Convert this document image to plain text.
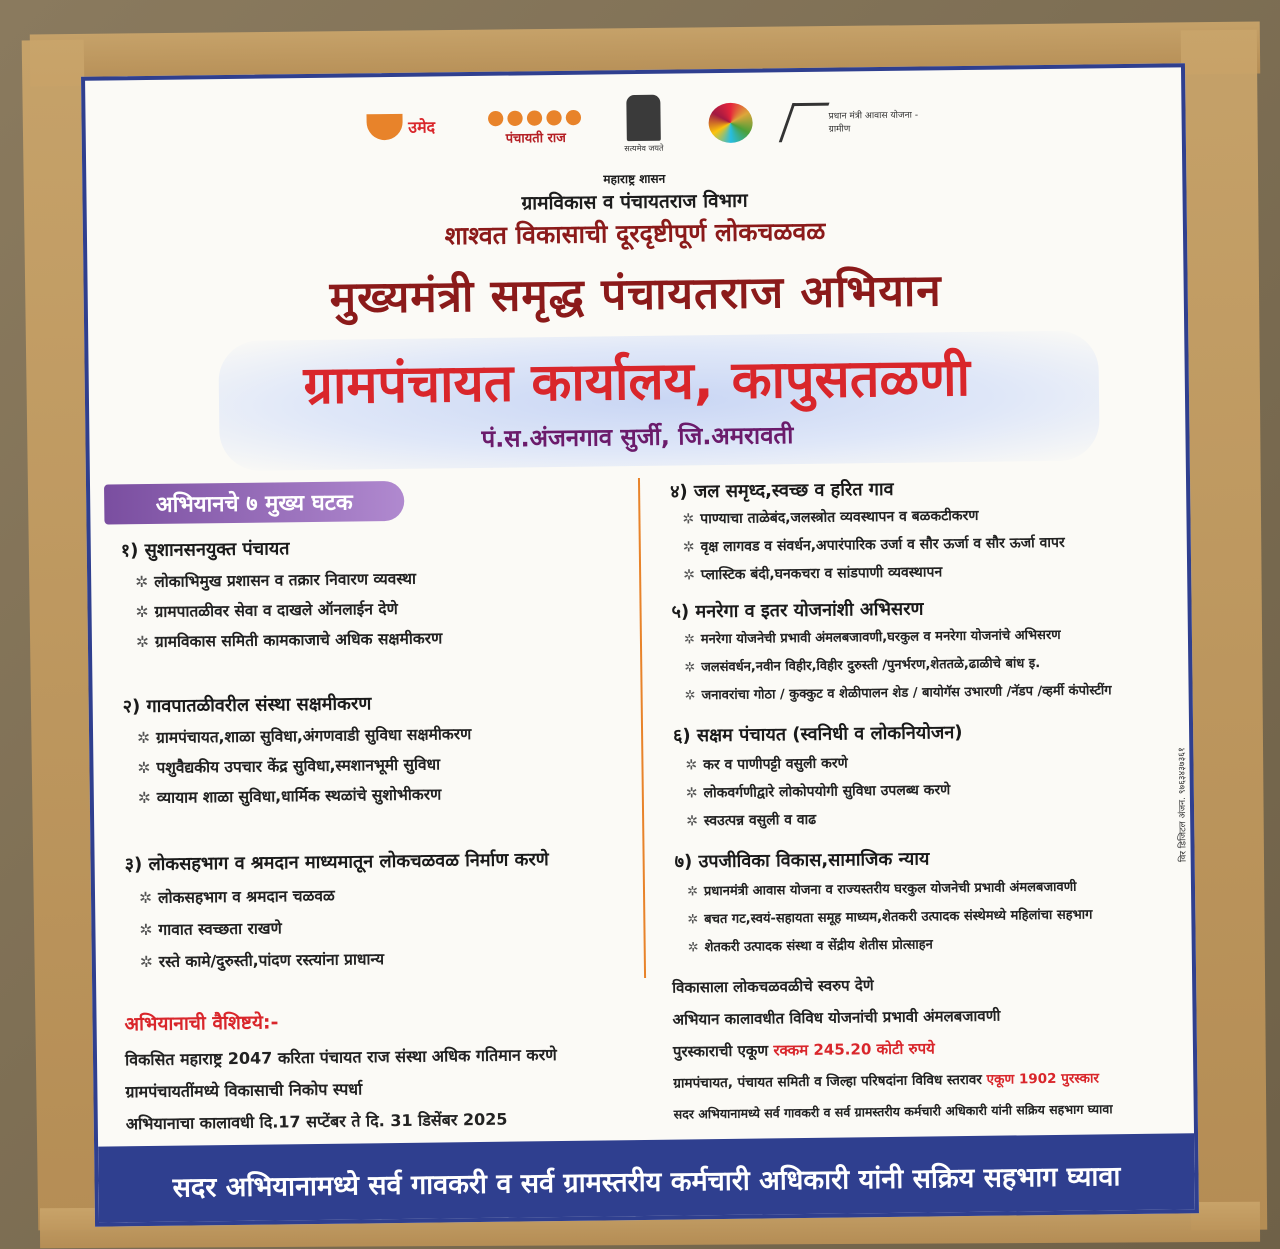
उमेद	●●●●●
पंचायती राज
सत्यमेव जयते
प्रधान मंत्री आवास योजना - ग्रामीण
महाराष्ट्र शासन
ग्रामविकास व पंचायतराज विभाग
शाश्वत विकासाची दूरदृष्टीपूर्ण लोकचळवळ
मुख्यमंत्री समृद्ध पंचायतराज अभियान
ग्रामपंचायत कार्यालय, कापुसतळणी
पं.स.अंजनगाव सुर्जी, जि.अमरावती
अभियानचे ७ मुख्य घटक
१) सुशानसनयुक्त पंचायत
✲ लोकाभिमुख प्रशासन व तक्रार निवारण व्यवस्था
✲ ग्रामपातळीवर सेवा व दाखले ऑनलाईन देणे
✲ ग्रामविकास समिती कामकाजाचे अधिक सक्षमीकरण
२) गावपातळीवरील संस्था सक्षमीकरण
✲ ग्रामपंचायत,शाळा सुविधा,अंगणवाडी सुविधा सक्षमीकरण
✲ पशुवैद्यकीय उपचार केंद्र सुविधा,स्मशानभूमी सुविधा
✲ व्यायाम शाळा सुविधा,धार्मिक स्थळांचे सुशोभीकरण
३) लोकसहभाग व श्रमदान माध्यमातून लोकचळवळ निर्माण करणे
✲ लोकसहभाग व श्रमदान चळवळ
✲ गावात स्वच्छता राखणे
✲ रस्ते कामे/दुरुस्ती,पांदण रस्त्यांना प्राधान्य
४) जल समृध्द,स्वच्छ व हरित गाव
✲ पाण्याचा ताळेबंद,जलस्त्रोत व्यवस्थापन व बळकटीकरण
✲ वृक्ष लागवड व संवर्धन,अपारंपारिक उर्जा व सौर ऊर्जा व सौर ऊर्जा वापर
✲ प्लास्टिक बंदी,घनकचरा व सांडपाणी व्यवस्थापन
५) मनरेगा व इतर योजनांशी अभिसरण
✲ मनरेगा योजनेची प्रभावी अंमलबजावणी,घरकुल व मनरेगा योजनांचे अभिसरण
✲ जलसंवर्धन,नवीन विहीर,विहीर दुरुस्ती /पुनर्भरण,शेततळे,ढाळीचे बांध इ.
✲ जनावरांचा गोठा / कुक्कुट व शेळीपालन शेड / बायोगॅस उभारणी /नॅडप /व्हर्मी कंपोस्टींग
६) सक्षम पंचायत (स्वनिधी व लोकनियोजन)
✲ कर व पाणीपट्टी वसुली करणे
✲ लोकवर्गणीद्वारे लोकोपयोगी सुविधा उपलब्ध करणे
✲ स्वउत्पन्न वसुली व वाढ
७) उपजीविका विकास,सामाजिक न्याय
✲ प्रधानमंत्री आवास योजना व राज्यस्तरीय घरकुल योजनेची प्रभावी अंमलबजावणी
✲ बचत गट,स्वयं-सहायता समूह माध्यम,शेतकरी उत्पादक संस्थेमध्ये महिलांचा सहभाग
✲ शेतकरी उत्पादक संस्था व सेंद्रीय शेतीस प्रोत्साहन
विर डिजिटल अंजन. ९७६३४३७३६१
अभियानाची वैशिष्टये:-
विकसित महाराष्ट्र 2047 करिता पंचायत राज संस्था अधिक गतिमान करणे
ग्रामपंचायतींमध्ये विकासाची निकोप स्पर्धा
अभियानाचा कालावधी दि.17 सप्टेंबर ते दि. 31 डिसेंबर 2025
विकासाला लोकचळवळीचे स्वरुप देणे
अभियान कालावधीत विविध योजनांची प्रभावी अंमलबजावणी
पुरस्काराची एकूण रक्कम 245.20 कोटी रुपये
ग्रामपंचायत, पंचायत समिती व जिल्हा परिषदांना विविध स्तरावर एकूण 1902 पुरस्कार
सदर अभियानामध्ये सर्व गावकरी व सर्व ग्रामस्तरीय कर्मचारी अधिकारी यांनी सक्रिय सहभाग घ्यावा
सदर अभियानामध्ये सर्व गावकरी व सर्व ग्रामस्तरीय कर्मचारी अधिकारी यांनी सक्रिय सहभाग घ्यावा
